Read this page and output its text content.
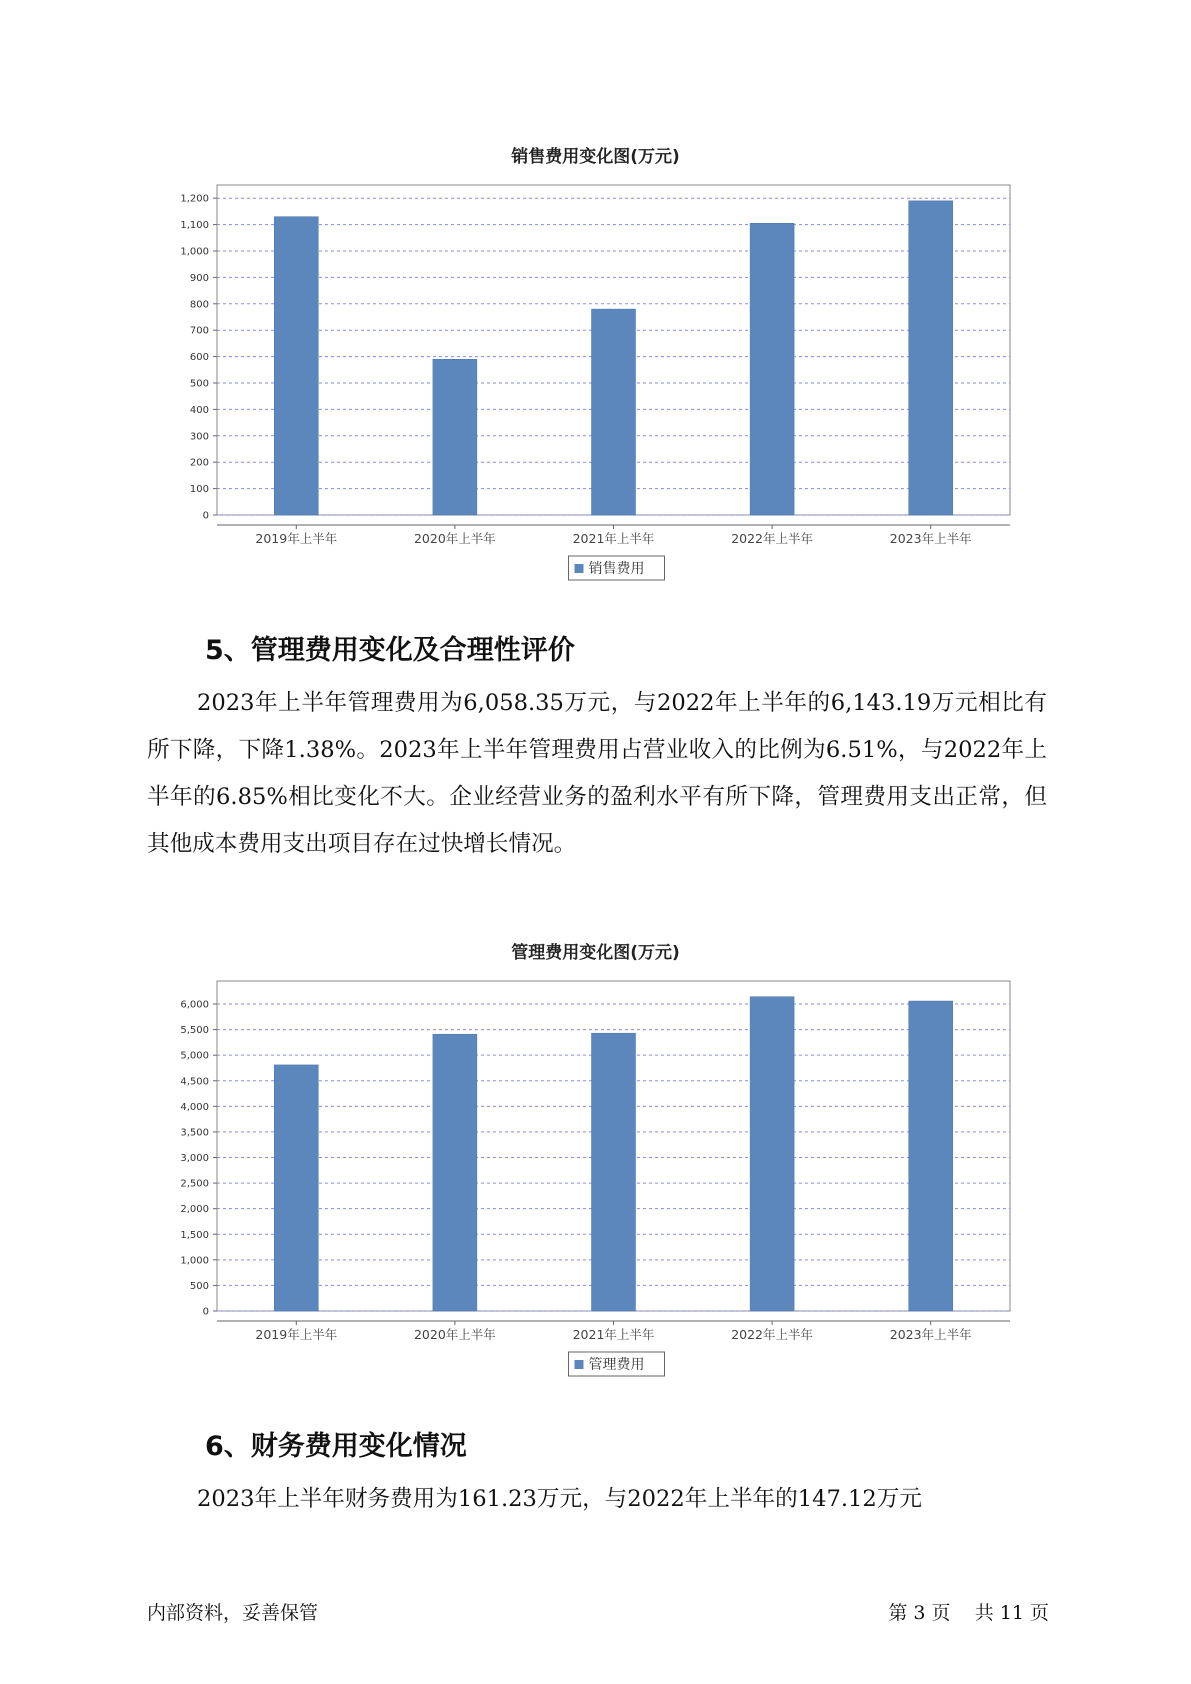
销售费用变化图(万元)
0
100
200
300
400
500
600
700
800
900
1,000
1,100
1,200
2019年上半年	2020年上半年	2021年上半年	2022年上半年	2023年上半年
销售费用
5、管理费用变化及合理性评价
2023年上半年管理费用为6,058.35万元，与2022年上半年的6,143.19万元相比有所下降，下降1.38%。2023年上半年管理费用占营业收入的比例为6.51%，与2022年上半年的6.85%相比变化不大。企业经营业务的盈利水平有所下降，管理费用支出正常，但其他成本费用支出项目存在过快增长情况。
管理费用变化图(万元)
0
500
1,000
1,500
2,000
2,500
3,000
3,500
4,000
4,500
5,000
5,500
6,000
2019年上半年	2020年上半年	2021年上半年	2022年上半年	2023年上半年
管理费用
6、财务费用变化情况
2023年上半年财务费用为161.23万元，与2022年上半年的147.12万元
内部资料，妥善保管	第 3 页 共 11 页
